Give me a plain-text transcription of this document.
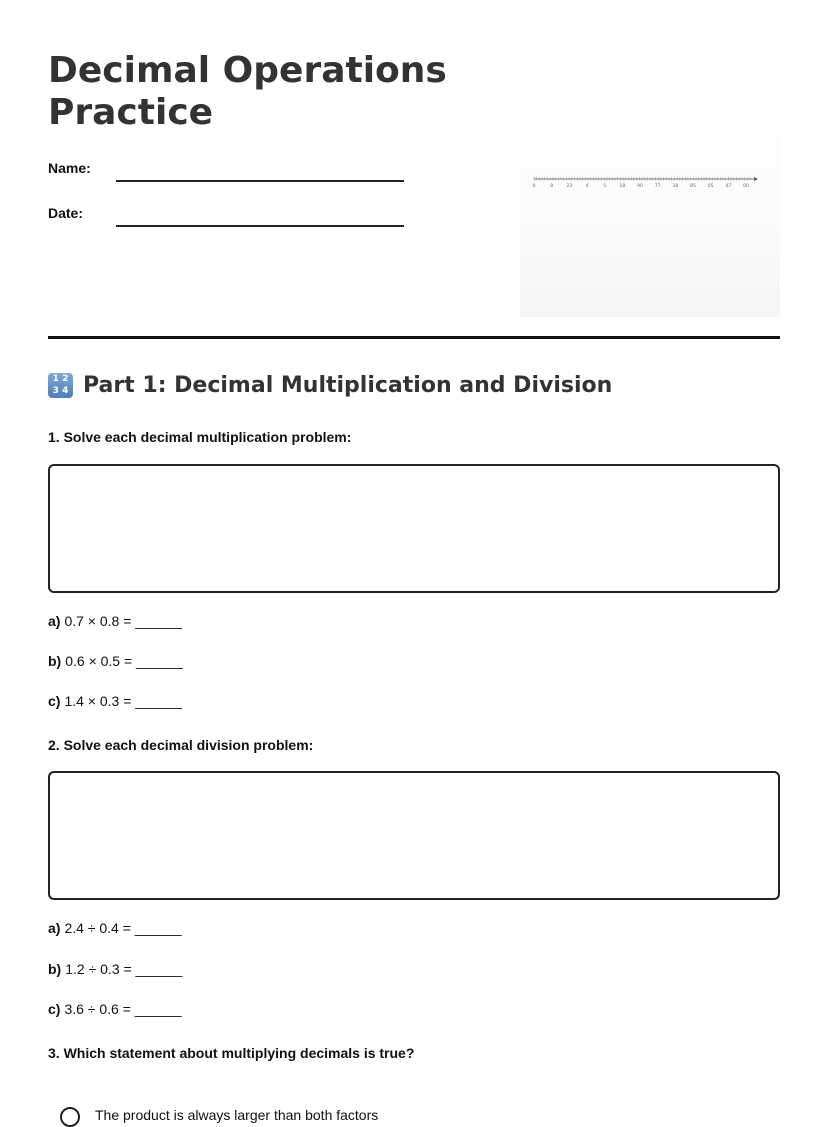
Decimal Operations
Practice
Name:
Date:
0	8	23	4	5	18	90	77	28	85	05	47	00
1 2
3 4 Part 1: Decimal Multiplication and Division
1. Solve each decimal multiplication problem:
a) 0.7 × 0.8 = ______
b) 0.6 × 0.5 = ______
c) 1.4 × 0.3 = ______
2. Solve each decimal division problem:
a) 2.4 ÷ 0.4 = ______
b) 1.2 ÷ 0.3 = ______
c) 3.6 ÷ 0.6 = ______
3. Which statement about multiplying decimals is true?
The product is always larger than both factors
